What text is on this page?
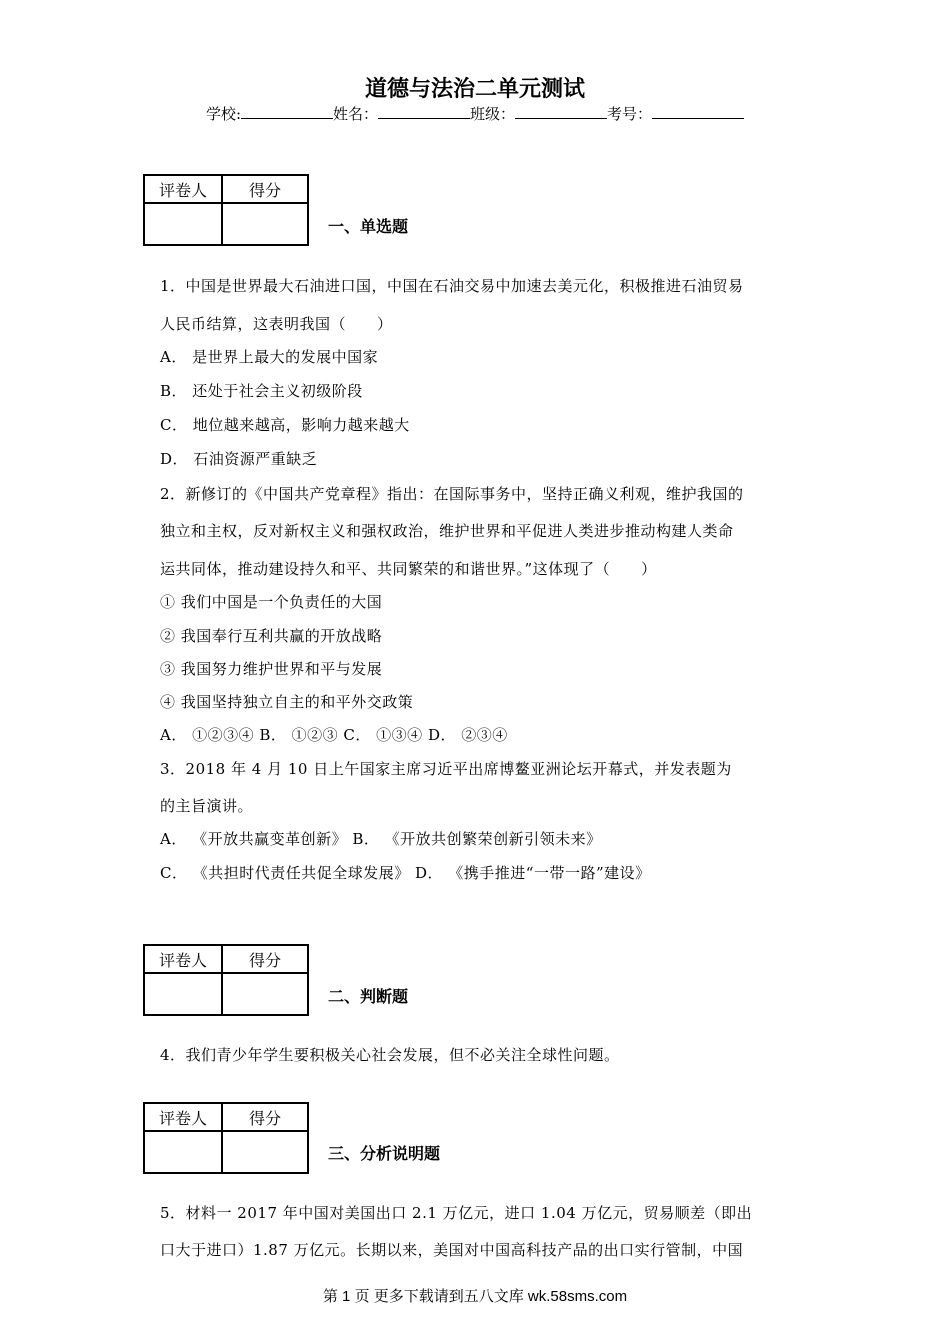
道德与法治二单元测试
学校:	姓名：	班级：	考号：
评卷人	得分

一、单选题
1．中国是世界最大石油进口国，中国在石油交易中加速去美元化，积极推进石油贸易
人民币结算，这表明我国（　　）
A． 是世界上最大的发展中国家
B． 还处于社会主义初级阶段
C． 地位越来越高，影响力越来越大
D． 石油资源严重缺乏
2．新修订的《中国共产党章程》指出：在国际事务中，坚持正确义利观，维护我国的
独立和主权，反对新权主义和强权政治，维护世界和平促进人类进步推动构建人类命
运共同体，推动建设持久和平、共同繁荣的和谐世界。”这体现了（　　）
① 我们中国是一个负责任的大国
② 我国奉行互利共赢的开放战略
③ 我国努力维护世界和平与发展
④ 我国坚持独立自主的和平外交政策
A． ①②③④ B． ①②③ C． ①③④ D． ②③④
3．2018 年 4 月 10 日上午国家主席习近平出席博鳌亚洲论坛开幕式，并发表题为
的主旨演讲。
A． 《开放共赢变革创新》 B． 《开放共创繁荣创新引领未来》
C． 《共担时代责任共促全球发展》 D． 《携手推进“一带一路”建设》
评卷人	得分

二、判断题
4．我们青少年学生要积极关心社会发展，但不必关注全球性问题。
评卷人	得分

三、分析说明题
5．材料一 2017 年中国对美国出口 2.1 万亿元，进口 1.04 万亿元，贸易顺差（即出
口大于进口）1.87 万亿元。长期以来，美国对中国高科技产品的出口实行管制，中国
第 1 页 更多下载请到五八文库 wk.58sms.com
